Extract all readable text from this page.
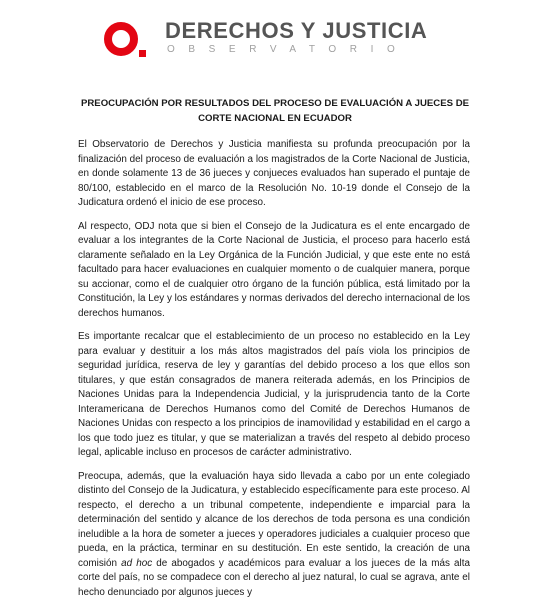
DERECHOS Y JUSTICIA
OBSERVATORIO
PREOCUPACIÓN POR RESULTADOS DEL PROCESO DE EVALUACIÓN A JUECES DE CORTE NACIONAL EN ECUADOR

El Observatorio de Derechos y Justicia manifiesta su profunda preocupación por la finalización del proceso de evaluación a los magistrados de la Corte Nacional de Justicia, en donde solamente 13 de 36 jueces y conjueces evaluados han superado el puntaje de 80/100, establecido en el marco de la Resolución No. 10-19 donde el Consejo de la Judicatura ordenó el inicio de ese proceso.

Al respecto, ODJ nota que si bien el Consejo de la Judicatura es el ente encargado de evaluar a los integrantes de la Corte Nacional de Justicia, el proceso para hacerlo está claramente señalado en la Ley Orgánica de la Función Judicial, y que este ente no está facultado para hacer evaluaciones en cualquier momento o de cualquier manera, porque su accionar, como el de cualquier otro órgano de la función pública, está limitado por la Constitución, la Ley y los estándares y normas derivados del derecho internacional de los derechos humanos.

Es importante recalcar que el establecimiento de un proceso no establecido en la Ley para evaluar y destituir a los más altos magistrados del país viola los principios de seguridad jurídica, reserva de ley y garantías del debido proceso a los que ellos son titulares, y que están consagrados de manera reiterada además, en los Principios de Naciones Unidas para la Independencia Judicial, y la jurisprudencia tanto de la Corte Interamericana de Derechos Humanos como del Comité de Derechos Humanos de Naciones Unidas con respecto a los principios de inamovilidad y estabilidad en el cargo a los que todo juez es titular, y que se materializan a través del respeto al debido proceso legal, aplicable incluso en procesos de carácter administrativo.

Preocupa, además, que la evaluación haya sido llevada a cabo por un ente colegiado distinto del Consejo de la Judicatura, y establecido específicamente para este proceso. Al respecto, el derecho a un tribunal competente, independiente e imparcial para la determinación del sentido y alcance de los derechos de toda persona es una condición ineludible a la hora de someter a jueces y operadores judiciales a cualquier proceso que pueda, en la práctica, terminar en su destitución. En este sentido, la creación de una comisión ad hoc de abogados y académicos para evaluar a los jueces de la más alta corte del país, no se compadece con el derecho al juez natural, lo cual se agrava, ante el hecho denunciado por algunos jueces y
